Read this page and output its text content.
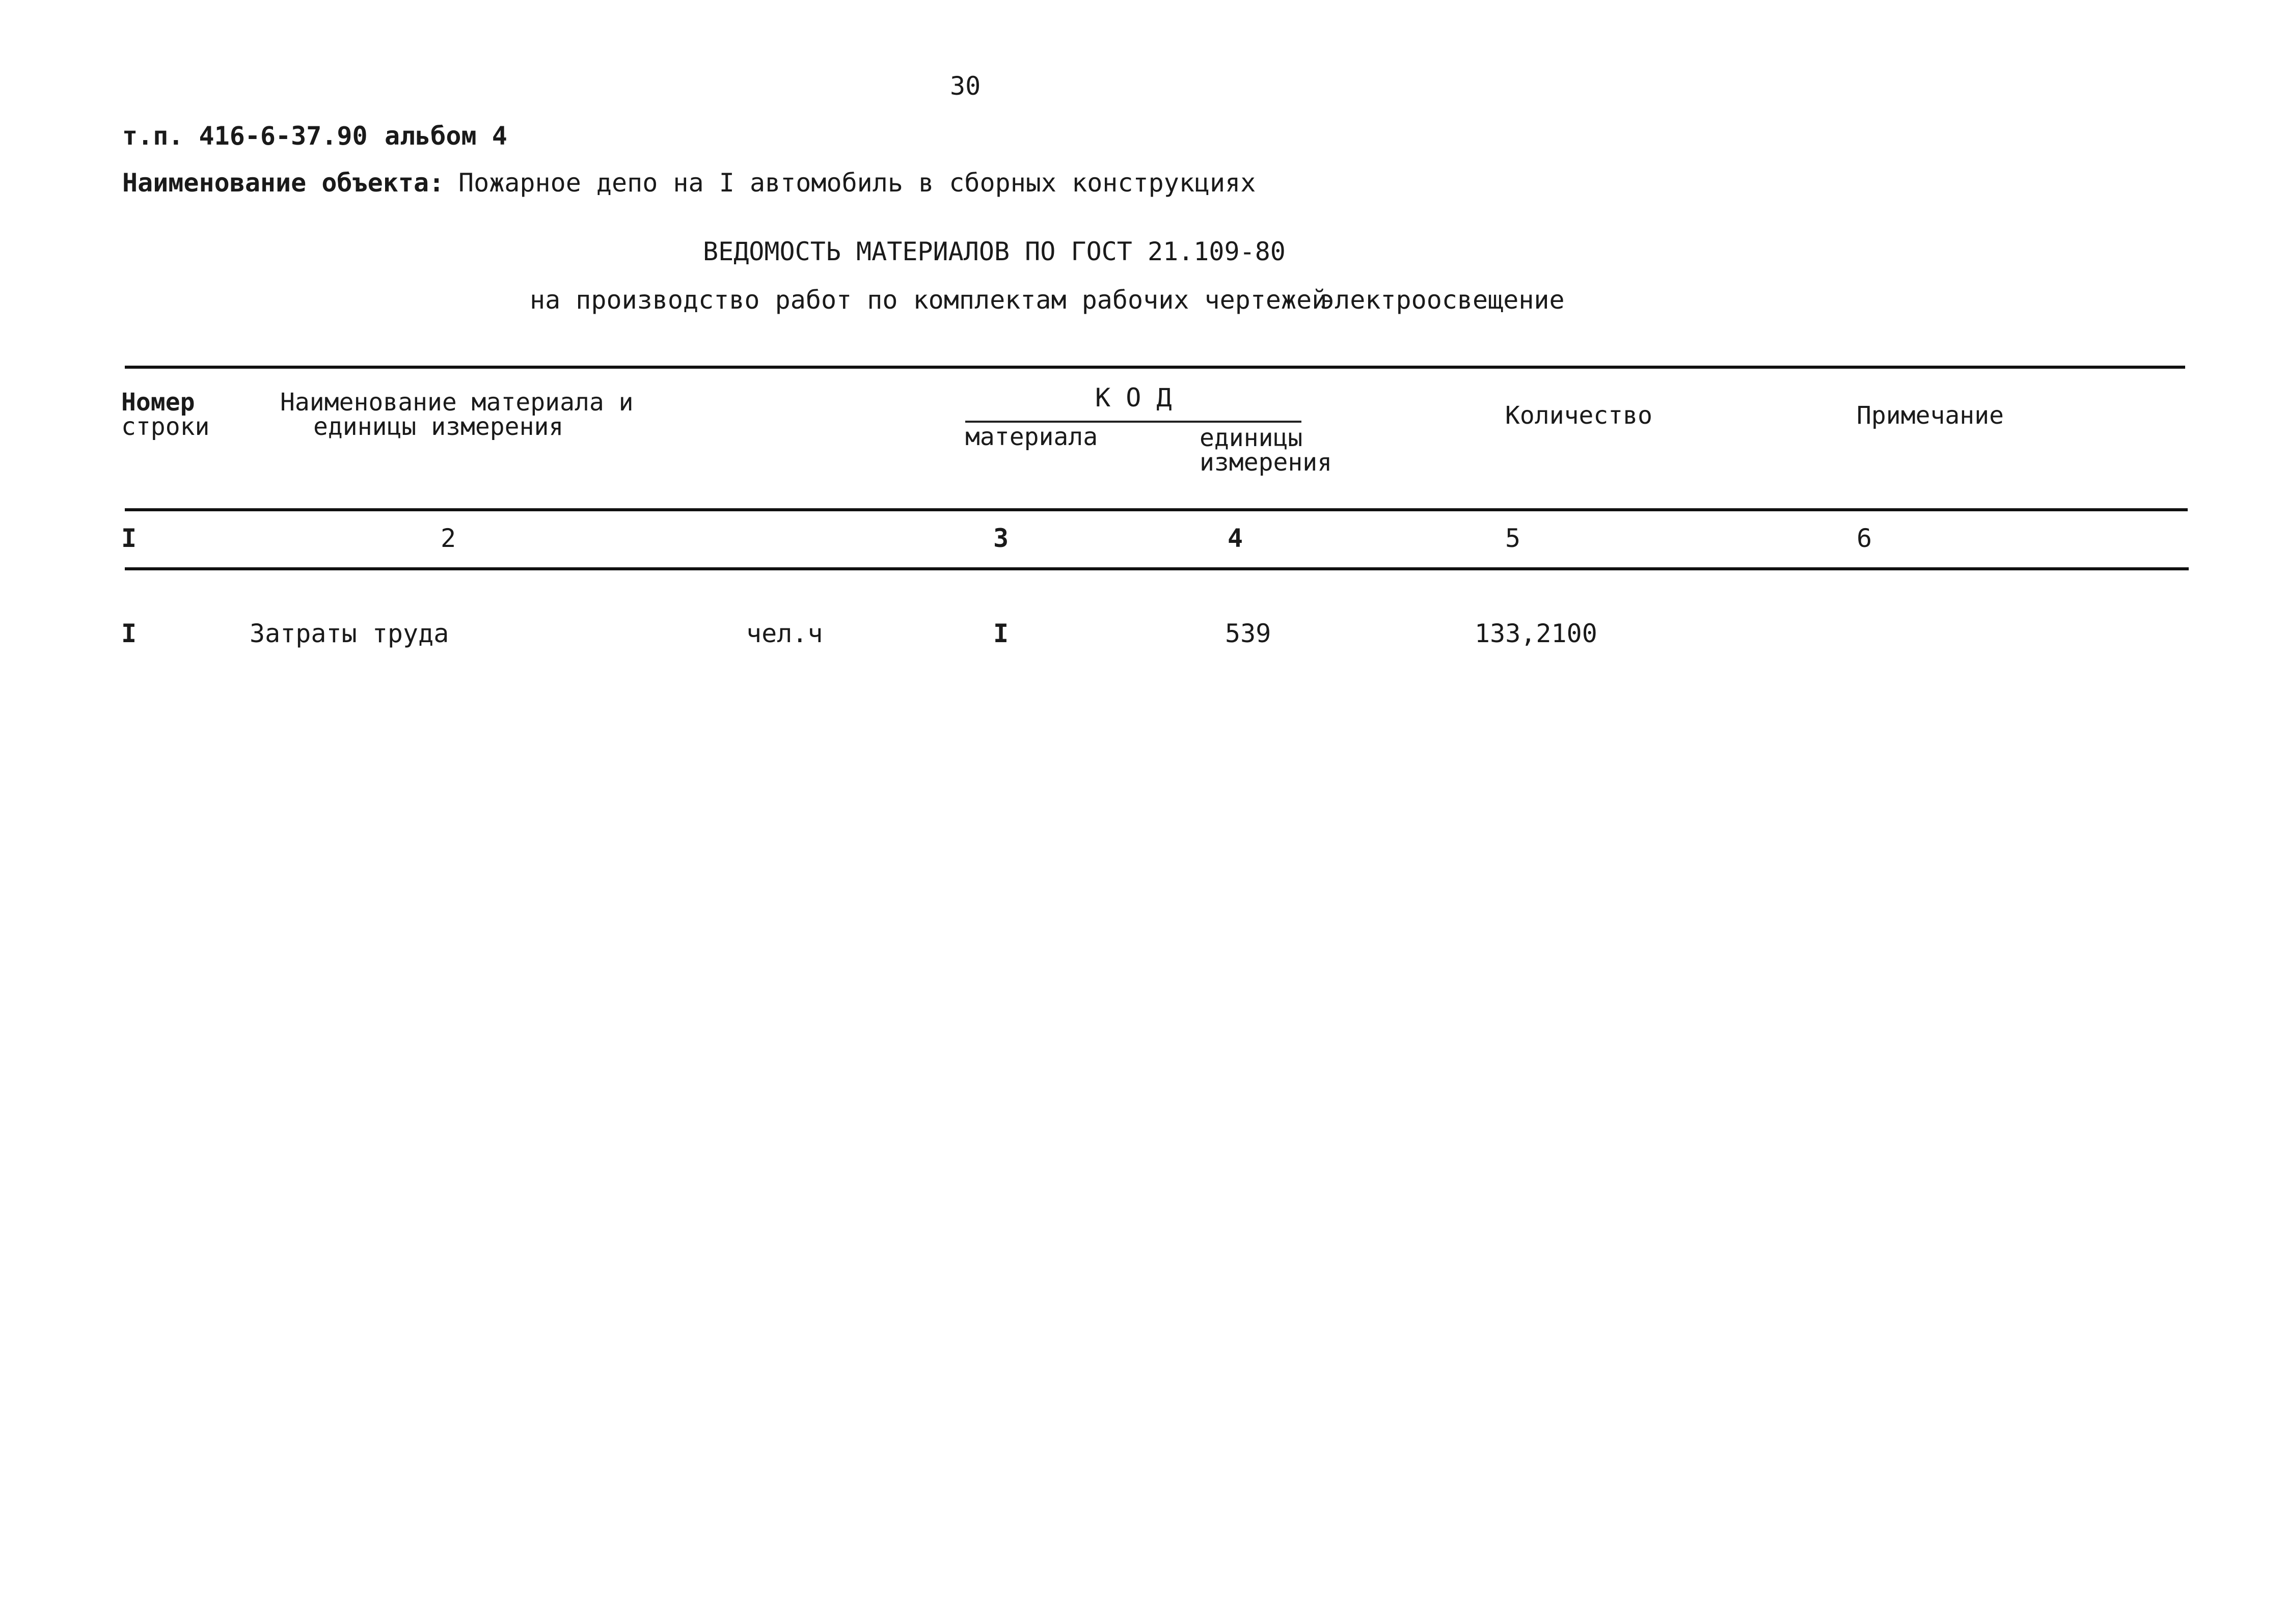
30
т.п. 416-6-37.90 альбом 4
Наименование объекта: Пожарное депо на I автомобиль в сборных конструкциях
ВЕДОМОСТЬ МАТЕРИАЛОВ ПО ГОСТ 21.109-80
на производство работ по комплектам рабочих чертежей
электроосвещение
Номер
строки
Наименование материала и
единицы измерения
К О Д
материала	единицы
измерения
Количество	Примечание
I	2	3	4	5	6
I	Затраты труда	чел.ч	I	539	133,2100
